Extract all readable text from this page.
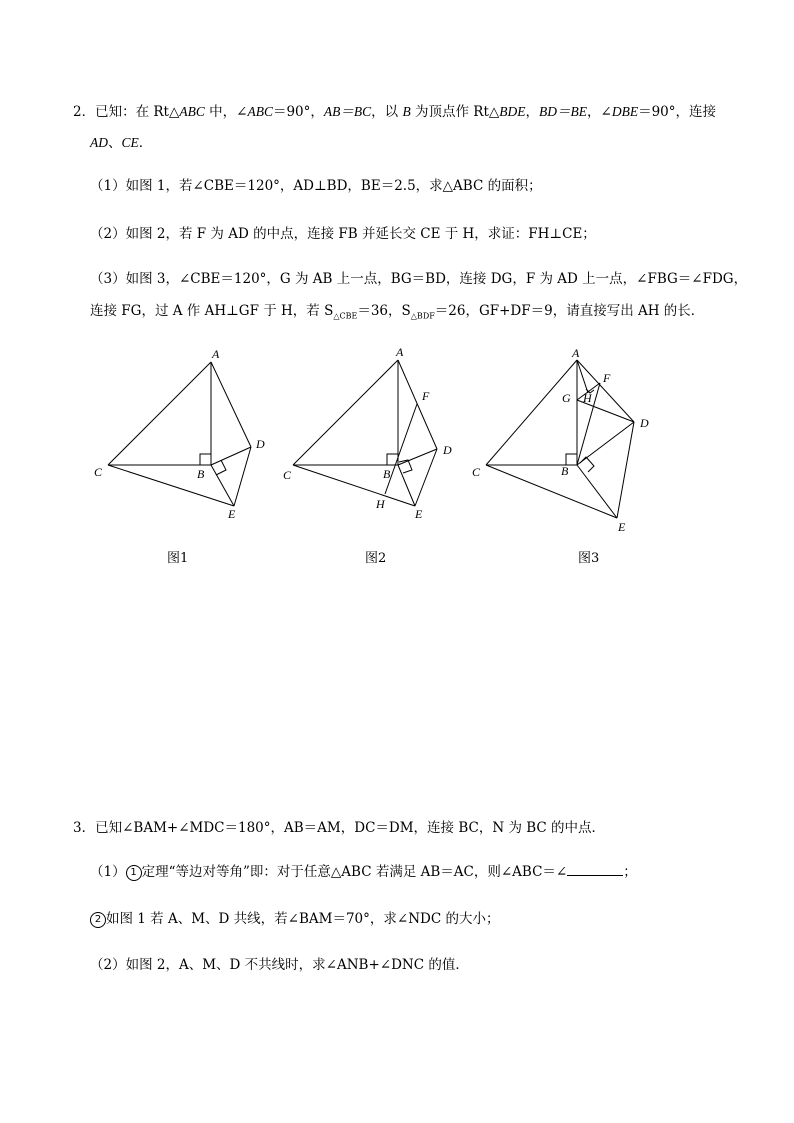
2．已知：在 Rt△ABC 中，∠ABC＝90°，AB＝BC，以 B 为顶点作 Rt△BDE，BD＝BE，∠DBE＝90°，连接
AD、CE．
（1）如图 1，若∠CBE＝120°，AD⊥BD，BE＝2.5，求△ABC 的面积；
（2）如图 2，若 F 为 AD 的中点，连接 FB 并延长交 CE 于 H，求证：FH⊥CE；
（3）如图 3，∠CBE＝120°，G 为 AB 上一点，BG＝BD，连接 DG，F 为 AD 上一点，∠FBG＝∠FDG，
连接 FG，过 A 作 AH⊥GF 于 H，若 $S_{\triangle CBE}=36$，$S_{\triangle BDF}=26$，GF+DF＝9，请直接写出 AH 的长．
A
B
C
D
E
图1
A
B
C
D
E
F
H
图2
A
B
C
D
E
F
G H
图3
3．已知∠BAM+∠MDC＝180°，AB＝AM，DC＝DM，连接 BC，N 为 BC 的中点．
（1） 1 定理“等边对等角”即：对于任意△ABC 若满足 AB＝AC，则∠ABC＝∠	；
2 如图 1 若 A、M、D 共线，若∠BAM＝70°，求∠NDC 的大小；
（2）如图 2，A、M、D 不共线时，求∠ANB+∠DNC 的值．
